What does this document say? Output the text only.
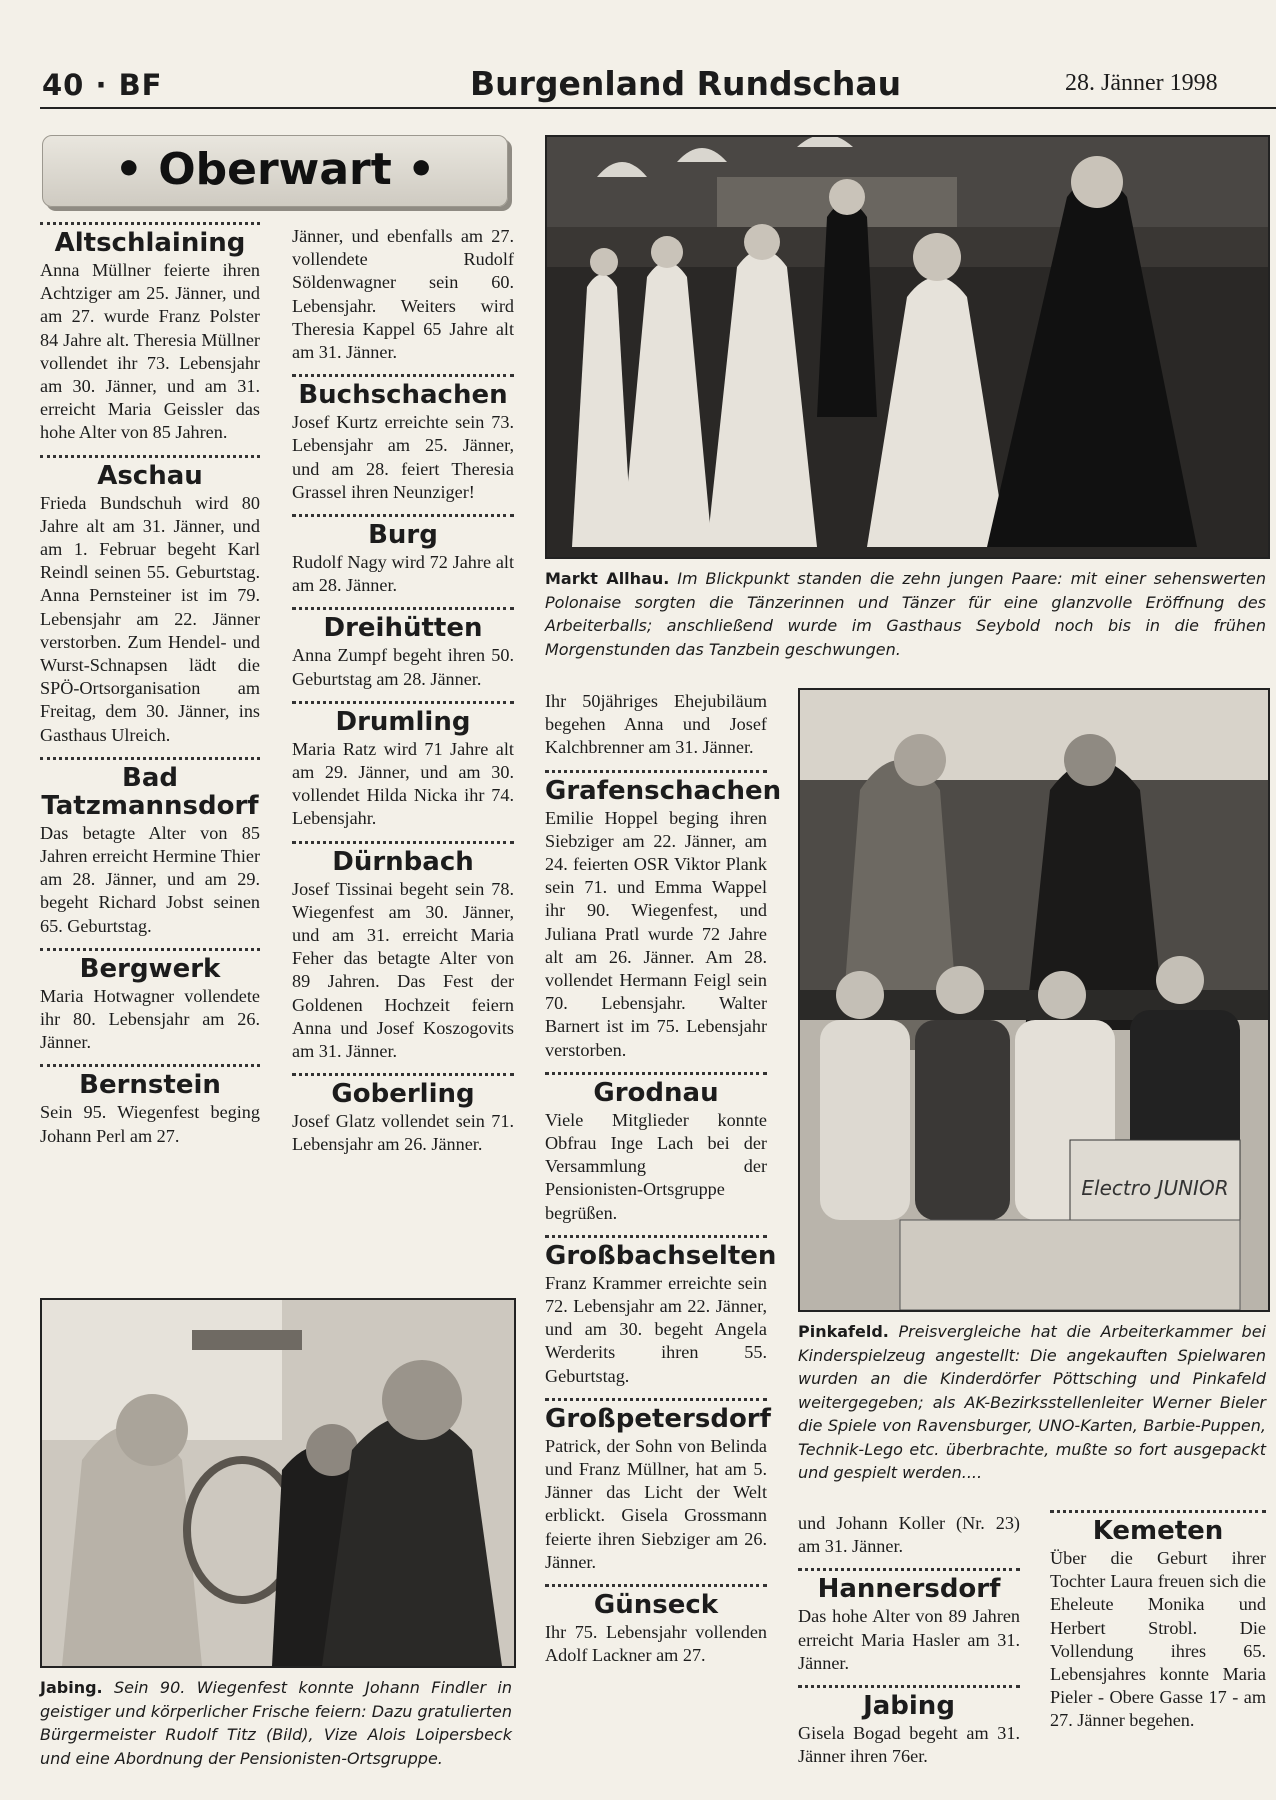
40 · BF	Burgenland Rundschau	28. Jänner 1998
• Oberwart •
Altschlaining

Anna Müllner feierte ihren Achtziger am 25. Jänner, und am 27. wurde Franz Polster 84 Jahre alt. Theresia Müllner vollendet ihr 73. Lebensjahr am 30. Jänner, und am 31. erreicht Maria Geissler das hohe Alter von 85 Jahren.

Aschau

Frieda Bundschuh wird 80 Jahre alt am 31. Jänner, und am 1. Februar begeht Karl Reindl seinen 55. Geburtstag. Anna Pernsteiner ist im 79. Lebensjahr am 22. Jänner verstorben. Zum Hendel- und Wurst-Schnapsen lädt die SPÖ-Ortsorganisation am Freitag, dem 30. Jänner, ins Gasthaus Ulreich.

Bad Tatzmannsdorf

Das betagte Alter von 85 Jahren erreicht Hermine Thier am 28. Jänner, und am 29. begeht Richard Jobst seinen 65. Geburtstag.

Bergwerk

Maria Hotwagner vollendete ihr 80. Lebensjahr am 26. Jänner.

Bernstein

Sein 95. Wiegenfest beging Johann Perl am 27.

Jänner, und ebenfalls am 27. vollendete Rudolf Söldenwagner sein 60. Lebensjahr. Weiters wird Theresia Kappel 65 Jahre alt am 31. Jänner.

Buchschachen

Josef Kurtz erreichte sein 73. Lebensjahr am 25. Jänner, und am 28. feiert Theresia Grassel ihren Neunziger!

Burg

Rudolf Nagy wird 72 Jahre alt am 28. Jänner.

Dreihütten

Anna Zumpf begeht ihren 50. Geburtstag am 28. Jänner.

Drumling

Maria Ratz wird 71 Jahre alt am 29. Jänner, und am 30. vollendet Hilda Nicka ihr 74. Lebensjahr.

Dürnbach

Josef Tissinai begeht sein 78. Wiegenfest am 30. Jänner, und am 31. erreicht Maria Feher das betagte Alter von 89 Jahren. Das Fest der Goldenen Hochzeit feiern Anna und Josef Koszogovits am 31. Jänner.

Goberling

Josef Glatz vollendet sein 71. Lebensjahr am 26. Jänner.

Markt Allhau. Im Blickpunkt standen die zehn jungen Paare: mit einer sehenswerten Polonaise sorgten die Tänzerinnen und Tänzer für eine glanzvolle Eröffnung des Arbeiterballs; anschließend wurde im Gasthaus Seybold noch bis in die frühen Morgenstunden das Tanzbein geschwungen.

Ihr 50jähriges Ehejubiläum begehen Anna und Josef Kalchbrenner am 31. Jänner.

Grafenschachen

Emilie Hoppel beging ihren Siebziger am 22. Jänner, am 24. feierten OSR Viktor Plank sein 71. und Emma Wappel ihr 90. Wiegenfest, und Juliana Pratl wurde 72 Jahre alt am 26. Jänner. Am 28. vollendet Hermann Feigl sein 70. Lebensjahr. Walter Barnert ist im 75. Lebensjahr verstorben.

Grodnau

Viele Mitglieder konnte Obfrau Inge Lach bei der Versammlung der Pensionisten-Ortsgruppe begrüßen.

Großbachselten

Franz Krammer erreichte sein 72. Lebensjahr am 22. Jänner, und am 30. begeht Angela Werderits ihren 55. Geburtstag.

Großpetersdorf

Patrick, der Sohn von Belinda und Franz Müllner, hat am 5. Jänner das Licht der Welt erblickt. Gisela Grossmann feierte ihren Siebziger am 26. Jänner.

Günseck

Ihr 75. Lebensjahr vollenden Adolf Lackner am 27.

Electro JUNIOR
Pinkafeld. Preisvergleiche hat die Arbeiterkammer bei Kinderspielzeug angestellt: Die angekauften Spielwaren wurden an die Kinderdörfer Pöttsching und Pinkafeld weitergegeben; als AK-Bezirksstellenleiter Werner Bieler die Spiele von Ravensburger, UNO-Karten, Barbie-Puppen, Technik-Lego etc. überbrachte, mußte so fort ausgepackt und gespielt werden....
Jabing. Sein 90. Wiegenfest konnte Johann Findler in geistiger und körperlicher Frische feiern: Dazu gratulierten Bürgermeister Rudolf Titz (Bild), Vize Alois Loipersbeck und eine Abordnung der Pensionisten-Ortsgruppe.

und Johann Koller (Nr. 23) am 31. Jänner.

Hannersdorf

Das hohe Alter von 89 Jahren erreicht Maria Hasler am 31. Jänner.

Jabing

Gisela Bogad begeht am 31. Jänner ihren 76er.

Kemeten

Über die Geburt ihrer Tochter Laura freuen sich die Eheleute Monika und Herbert Strobl. Die Vollendung ihres 65. Lebensjahres konnte Maria Pieler - Obere Gasse 17 - am 27. Jänner begehen.
